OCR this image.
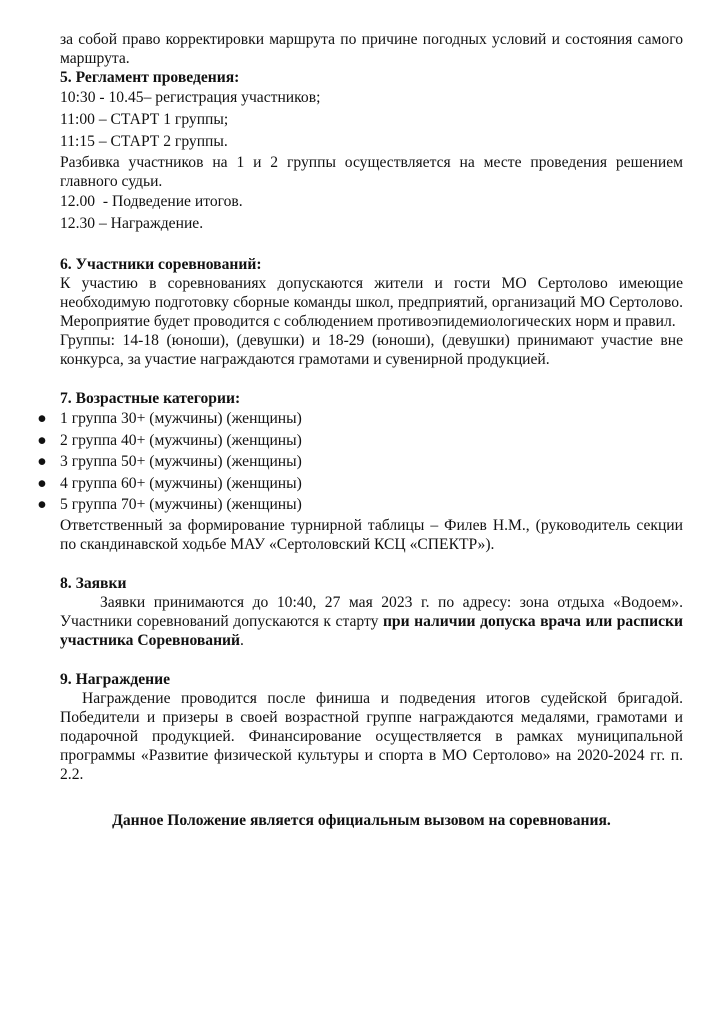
за собой право корректировки маршрута по причине погодных условий и состояния самого маршрута.

5. Регламент проведения:

10:30 - 10.45– регистрация участников;
11:00 – СТАРТ 1 группы;
11:15 – СТАРТ 2 группы.

Разбивка участников на 1 и 2 группы осуществляется на месте проведения решением главного судьи.

12.00  - Подведение итогов.
12.30 – Награждение.

6. Участники соревнований:

К участию в соревнованиях допускаются жители и гости МО Сертолово имеющие необходимую подготовку сборные команды школ, предприятий, организаций МО Сертолово. Мероприятие будет проводится с соблюдением противоэпидемиологических норм и правил.

Группы: 14-18 (юноши), (девушки) и 18-29 (юноши), (девушки) принимают участие вне конкурса, за участие награждаются грамотами и сувенирной продукцией.

7. Возрастные категории:

● 1 группа 30+ (мужчины) (женщины)
● 2 группа 40+ (мужчины) (женщины)
● 3 группа 50+ (мужчины) (женщины)
● 4 группа 60+ (мужчины) (женщины)
● 5 группа 70+ (мужчины) (женщины)

Ответственный за формирование турнирной таблицы – Филев Н.М., (руководитель секции по скандинавской ходьбе МАУ «Сертоловский КСЦ «СПЕКТР»).

8. Заявки

Заявки принимаются до 10:40, 27 мая 2023 г. по адресу: зона отдыха «Водоем». Участники соревнований допускаются к старту при наличии допуска врача или расписки участника Соревнований.

9. Награждение

Награждение проводится после финиша и подведения итогов судейской бригадой. Победители и призеры в своей возрастной группе награждаются медалями, грамотами и подарочной продукцией. Финансирование осуществляется в рамках муниципальной программы «Развитие физической культуры и спорта в МО Сертолово» на 2020-2024 гг. п. 2.2.

Данное Положение является официальным вызовом на соревнования.
